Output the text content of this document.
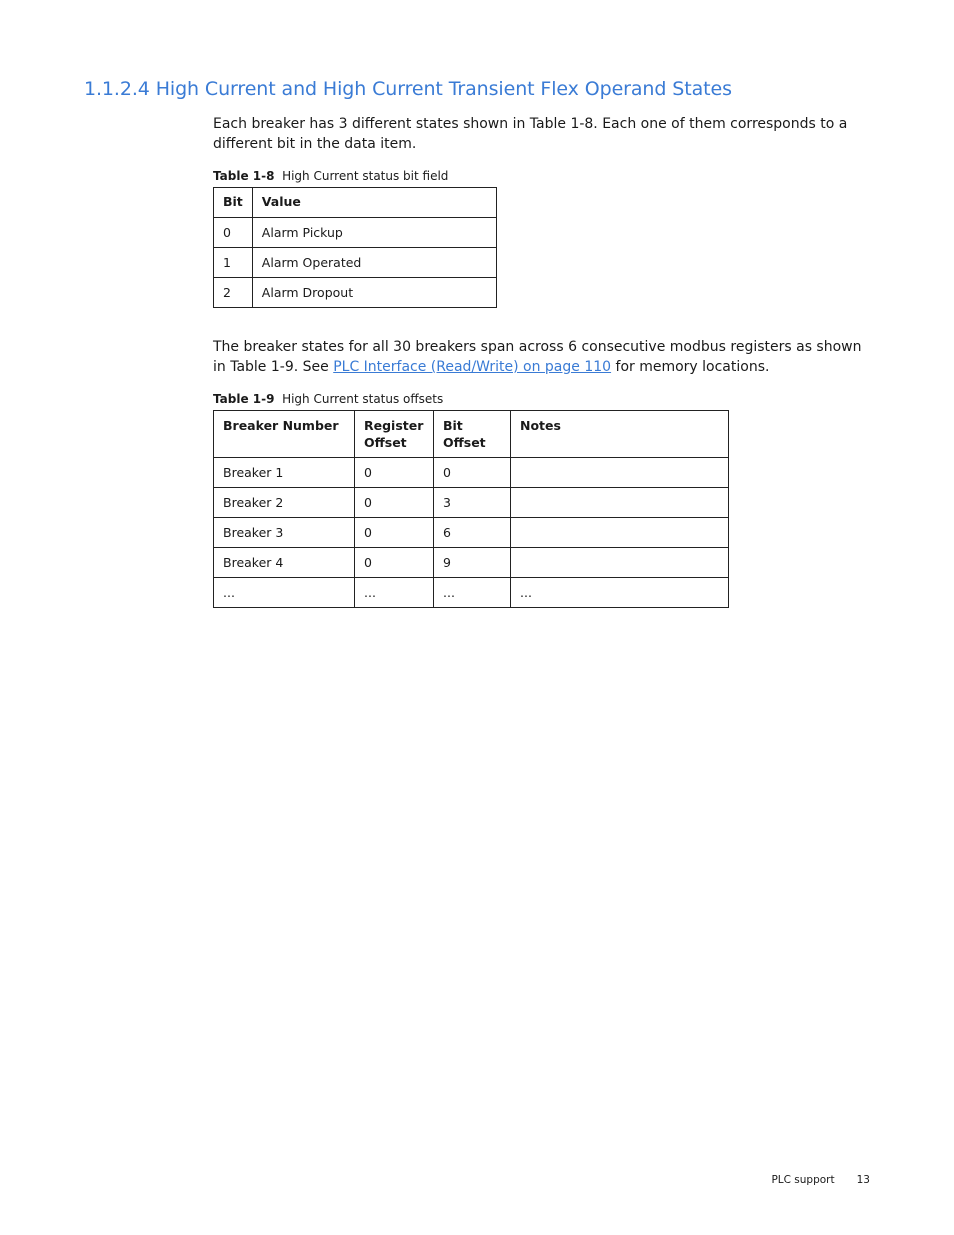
1.1.2.4 High Current and High Current Transient Flex Operand States

Each breaker has 3 different states shown in Table 1-8. Each one of them corresponds to a different bit in the data item.

Table 1-8 High Current status bit field

Bit	Value
0	Alarm Pickup
1	Alarm Operated
2	Alarm Dropout

The breaker states for all 30 breakers span across 6 consecutive modbus registers as shown in Table 1-9. See PLC Interface (Read/Write) on page 110 for memory locations.

Table 1-9 High Current status offsets

Breaker Number	Register Offset	Bit Offset	Notes
Breaker 1	0	0	
Breaker 2	0	3	
Breaker 3	0	6	
Breaker 4	0	9	
...	...	...	...
PLC support 13
